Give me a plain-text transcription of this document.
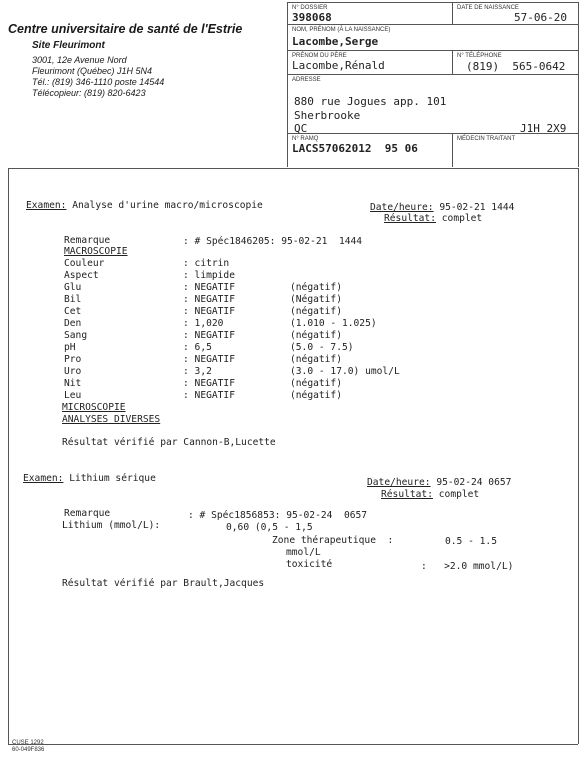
Centre universitaire de santé de l'Estrie
Site Fleurimont
3001, 12e Avenue Nord
Fleurimont (Québec) J1H 5N4
Tél.: (819) 346-1110 poste 14544
Télécopieur: (819) 820-6423
N° DOSSIER
398068
DATE DE NAISSANCE
57-06-20
NOM, PRÉNOM (À LA NAISSANCE)
Lacombe,Serge
PRÉNOM DU PÈRE
Lacombe,Rénald
N° TÉLÉPHONE
(819)  565-0642
ADRESSE
880 rue Jogues app. 101
Sherbrooke
QC	J1H 2X9
N° RAMQ
LACS57062012  95 06
MÉDECIN TRAITANT
Examen: Analyse d'urine macro/microscopie	Date/heure: 95-02-21 1444
Résultat: complet
Remarque	: # Spéc1846205: 95-02-21  1444
MACROSCOPIE
Couleur	: citrin
Aspect	: limpide
Glu	: NEGATIF	(négatif)
Bil	: NEGATIF	(Négatif)
Cet	: NEGATIF	(négatif)
Den	: 1,020	(1.010 - 1.025)
Sang	: NEGATIF	(négatif)
pH	: 6,5	(5.0 - 7.5)
Pro	: NEGATIF	(négatif)
Uro	: 3,2	(3.0 - 17.0) umol/L
Nit	: NEGATIF	(négatif)
Leu	: NEGATIF	(négatif)
MICROSCOPIE
ANALYSES DIVERSES
Résultat vérifié par Cannon-B,Lucette
Examen: Lithium sérique	Date/heure: 95-02-24 0657
Résultat: complet
Remarque	: # Spéc1856853: 95-02-24  0657
Lithium (mmol/L):	0,60 (0,5 - 1,5
Zone thérapeutique  :	0.5 - 1.5
mmol/L
toxicité	:   >2.0 mmol/L)
Résultat vérifié par Brault,Jacques
CUSE 1292
60-049F836
